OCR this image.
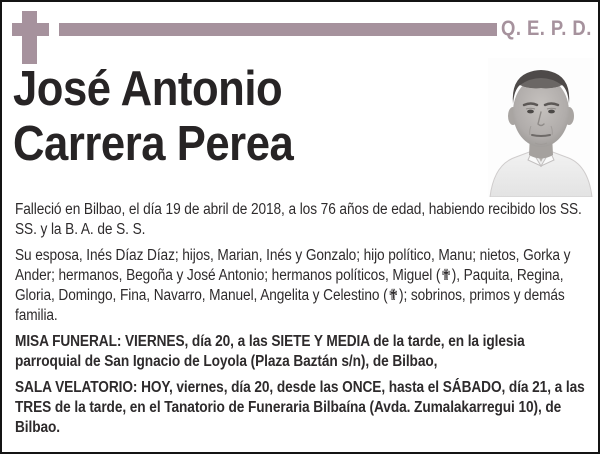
Q. E. P. D.
José Antonio
Carrera Perea

Falleció en Bilbao, el día 19 de abril de 2018, a los 76 años de edad, habiendo recibido los SS. SS. y la B. A. de S. S.

Su esposa, Inés Díaz Díaz; hijos, Marian, Inés y Gonzalo; hijo político, Manu; nietos, Gorka y Ander; hermanos, Begoña y José Antonio; hermanos políticos, Miguel (✟), Paquita, Regina, Gloria, Domingo, Fina, Navarro, Manuel, Angelita y Celestino (✟); sobrinos, primos y demás familia.

MISA FUNERAL: VIERNES, día 20, a las SIETE Y MEDIA de la tarde, en la iglesia parroquial de San Ignacio de Loyola (Plaza Baztán s/n), de Bilbao,

SALA VELATORIO: HOY, viernes, día 20, desde las ONCE, hasta el SÁBADO, día 21, a las TRES de la tarde, en el Tanatorio de Funeraria Bilbaína (Avda. Zumalakarregui 10), de Bilbao.
